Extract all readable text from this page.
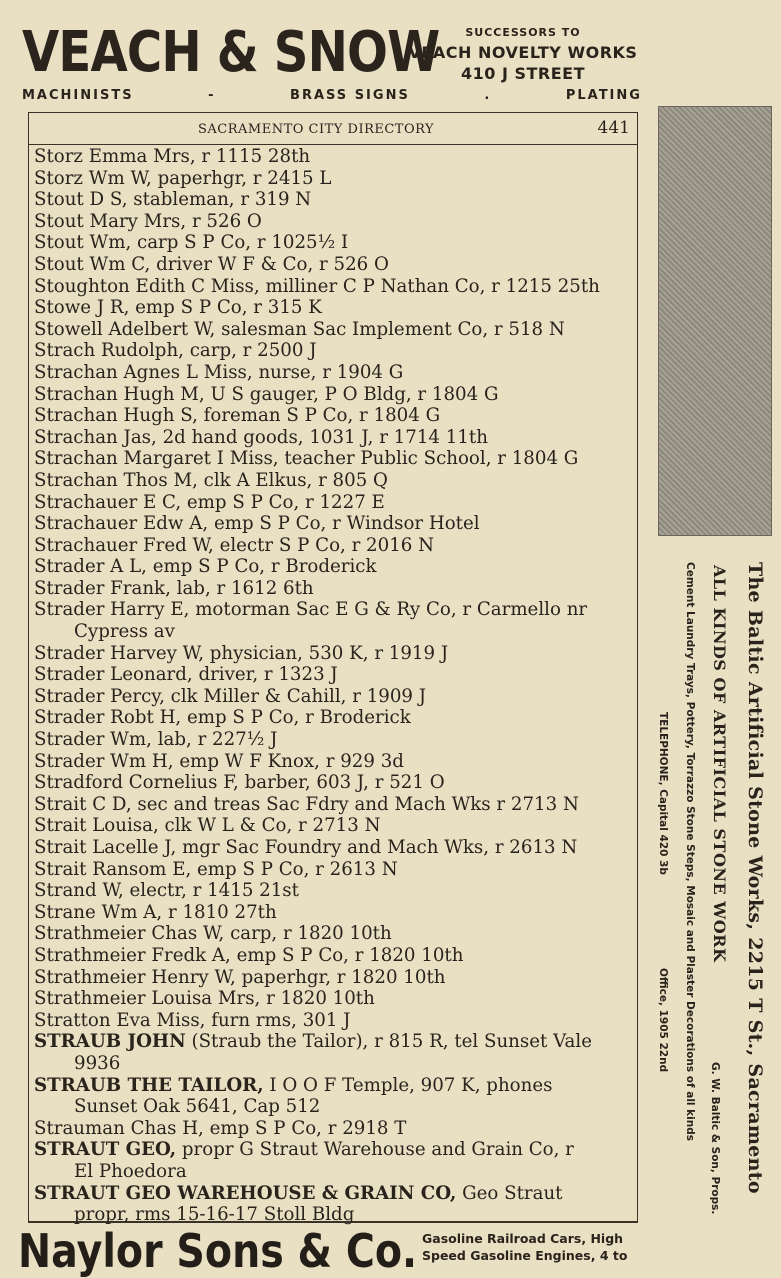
VEACH & SNOW	SUCCESSORS TO
VEACH NOVELTY WORKS
410 J STREET
MACHINISTS	-	BRASS SIGNS	.	PLATING
SACRAMENTO CITY DIRECTORY	441
Storz Emma Mrs, r 1115 28th
Storz Wm W, paperhgr, r 2415 L
Stout D S, stableman, r 319 N
Stout Mary Mrs, r 526 O
Stout Wm, carp S P Co, r 1025½ I
Stout Wm C, driver W F & Co, r 526 O
Stoughton Edith C Miss, milliner C P Nathan Co, r 1215 25th
Stowe J R, emp S P Co, r 315 K
Stowell Adelbert W, salesman Sac Implement Co, r 518 N
Strach Rudolph, carp, r 2500 J
Strachan Agnes L Miss, nurse, r 1904 G
Strachan Hugh M, U S gauger, P O Bldg, r 1804 G
Strachan Hugh S, foreman S P Co, r 1804 G
Strachan Jas, 2d hand goods, 1031 J, r 1714 11th
Strachan Margaret I Miss, teacher Public School, r 1804 G
Strachan Thos M, clk A Elkus, r 805 Q
Strachauer E C, emp S P Co, r 1227 E
Strachauer Edw A, emp S P Co, r Windsor Hotel
Strachauer Fred W, electr S P Co, r 2016 N
Strader A L, emp S P Co, r Broderick
Strader Frank, lab, r 1612 6th
Strader Harry E, motorman Sac E G & Ry Co, r Carmello nr
Cypress av
Strader Harvey W, physician, 530 K, r 1919 J
Strader Leonard, driver, r 1323 J
Strader Percy, clk Miller & Cahill, r 1909 J
Strader Robt H, emp S P Co, r Broderick
Strader Wm, lab, r 227½ J
Strader Wm H, emp W F Knox, r 929 3d
Stradford Cornelius F, barber, 603 J, r 521 O
Strait C D, sec and treas Sac Fdry and Mach Wks r 2713 N
Strait Louisa, clk W L & Co, r 2713 N
Strait Lacelle J, mgr Sac Foundry and Mach Wks, r 2613 N
Strait Ransom E, emp S P Co, r 2613 N
Strand W, electr, r 1415 21st
Strane Wm A, r 1810 27th
Strathmeier Chas W, carp, r 1820 10th
Strathmeier Fredk A, emp S P Co, r 1820 10th
Strathmeier Henry W, paperhgr, r 1820 10th
Strathmeier Louisa Mrs, r 1820 10th
Stratton Eva Miss, furn rms, 301 J
STRAUB JOHN (Straub the Tailor), r 815 R, tel Sunset Vale
9936
STRAUB THE TAILOR, I O O F Temple, 907 K, phones
Sunset Oak 5641, Cap 512
Strauman Chas H, emp S P Co, r 2918 T
STRAUT GEO, propr G Straut Warehouse and Grain Co, r
El Phoedora
STRAUT GEO WAREHOUSE & GRAIN CO, Geo Straut
propr, rms 15-16-17 Stoll Bldg
The Baltic Artificial Stone Works, 2215 T St., Sacramento
ALL KINDS OF ARTIFICIAL STONE WORK
G. W. Baltic & Son, Props.
Cement Laundry Trays, Pottery, Torrazzo Stone Steps, Mosaic and Plaster Decorations of all kinds
TELEPHONE, Capital 420 3b
Office, 1905 22nd
Naylor Sons & Co. Gasoline Railroad Cars, High
Speed Gasoline Engines, 4 to
